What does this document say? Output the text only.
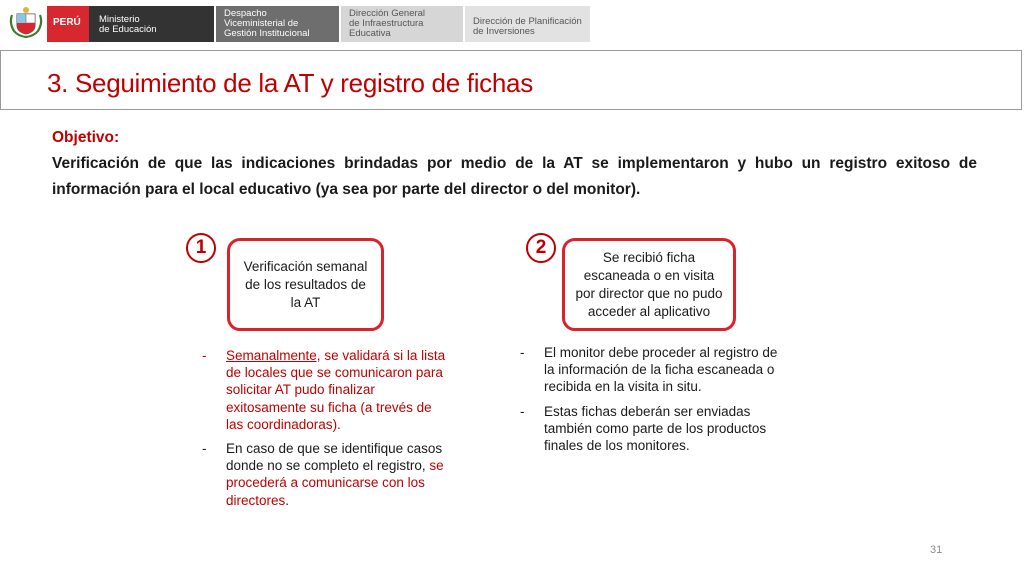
PERÚ	Ministerio
de Educación
Despacho
Viceministerial de
Gestión Institucional
Dirección General
de Infraestructura
Educativa
Dirección de Planificación
de Inversiones
3. Seguimiento de la AT y registro de fichas
Objetivo:
Verificación de que las indicaciones brindadas por medio de la AT se implementaron y hubo un registro exitoso de información para el local educativo (ya sea por parte del director o del monitor).
1
Verificación semanal de los resultados de la AT
2	Se recibió ficha escaneada o en visita por director que no pudo acceder al aplicativo
- Semanalmente, se validará si la lista de locales que se comunicaron para solicitar AT pudo finalizar exitosamente su ficha (a trevés de las coordinadoras).
- En caso de que se identifique casos donde no se completo el registro, se procederá a comunicarse con los directores.
- El monitor debe proceder al registro de la información de la ficha escaneada o recibida en la visita in situ.
- Estas fichas deberán ser enviadas también como parte de los productos finales de los monitores.
31
